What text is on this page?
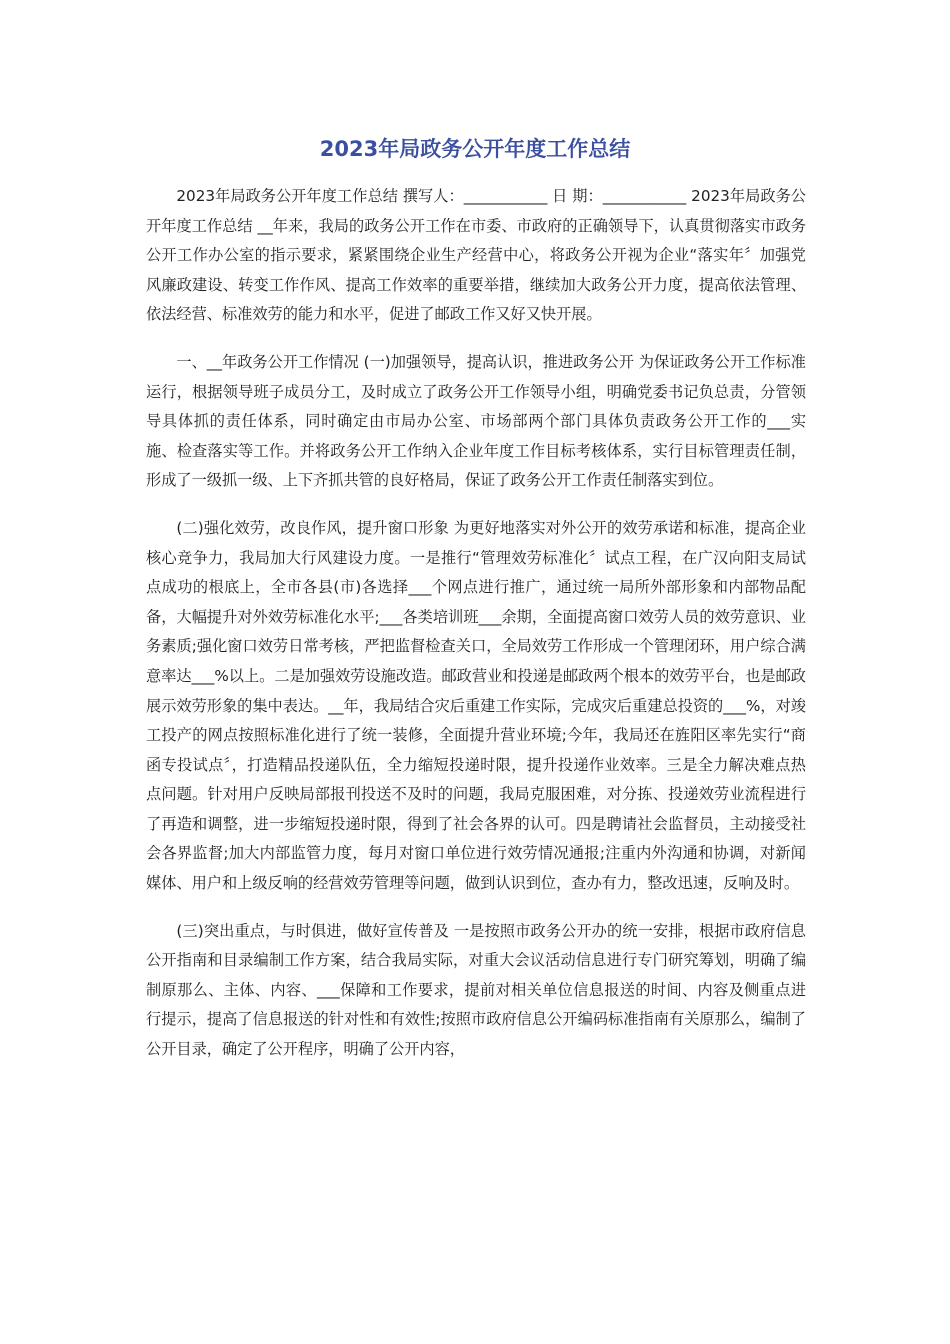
2023年局政务公开年度工作总结

2023年局政务公开年度工作总结 撰写人：___________ 日 期：___________ 2023年局政务公开年度工作总结 __年来，我局的政务公开工作在市委、市政府的正确领导下，认真贯彻落实市政务公开工作办公室的指示要求，紧紧围绕企业生产经营中心，将政务公开视为企业“落实年〞加强党风廉政建设、转变工作作风、提高工作效率的重要举措，继续加大政务公开力度，提高依法管理、依法经营、标准效劳的能力和水平，促进了邮政工作又好又快开展。

一、__年政务公开工作情况 (一)加强领导，提高认识，推进政务公开 为保证政务公开工作标准运行，根据领导班子成员分工，及时成立了政务公开工作领导小组，明确党委书记负总责，分管领导具体抓的责任体系，同时确定由市局办公室、市场部两个部门具体负责政务公开工作的___实施、检查落实等工作。并将政务公开工作纳入企业年度工作目标考核体系，实行目标管理责任制，形成了一级抓一级、上下齐抓共管的良好格局，保证了政务公开工作责任制落实到位。

(二)强化效劳，改良作风，提升窗口形象 为更好地落实对外公开的效劳承诺和标准，提高企业核心竞争力，我局加大行风建设力度。一是推行“管理效劳标准化〞试点工程，在广汉向阳支局试点成功的根底上，全市各县(市)各选择___个网点进行推广，通过统一局所外部形象和内部物品配备，大幅提升对外效劳标准化水平;___各类培训班___余期，全面提高窗口效劳人员的效劳意识、业务素质;强化窗口效劳日常考核，严把监督检查关口，全局效劳工作形成一个管理闭环，用户综合满意率达___%以上。二是加强效劳设施改造。邮政营业和投递是邮政两个根本的效劳平台，也是邮政展示效劳形象的集中表达。__年，我局结合灾后重建工作实际，完成灾后重建总投资的___%，对竣工投产的网点按照标准化进行了统一装修，全面提升营业环境;今年，我局还在旌阳区率先实行“商函专投试点〞，打造精品投递队伍，全力缩短投递时限，提升投递作业效率。三是全力解决难点热点问题。针对用户反映局部报刊投送不及时的问题，我局克服困难，对分拣、投递效劳业流程进行了再造和调整，进一步缩短投递时限，得到了社会各界的认可。四是聘请社会监督员，主动接受社会各界监督;加大内部监管力度，每月对窗口单位进行效劳情况通报;注重内外沟通和协调，对新闻媒体、用户和上级反响的经营效劳管理等问题，做到认识到位，查办有力，整改迅速，反响及时。

(三)突出重点，与时俱进，做好宣传普及 一是按照市政务公开办的统一安排，根据市政府信息公开指南和目录编制工作方案，结合我局实际，对重大会议活动信息进行专门研究筹划，明确了编制原那么、主体、内容、___保障和工作要求，提前对相关单位信息报送的时间、内容及侧重点进行提示，提高了信息报送的针对性和有效性;按照市政府信息公开编码标准指南有关原那么，编制了公开目录，确定了公开程序，明确了公开内容，
